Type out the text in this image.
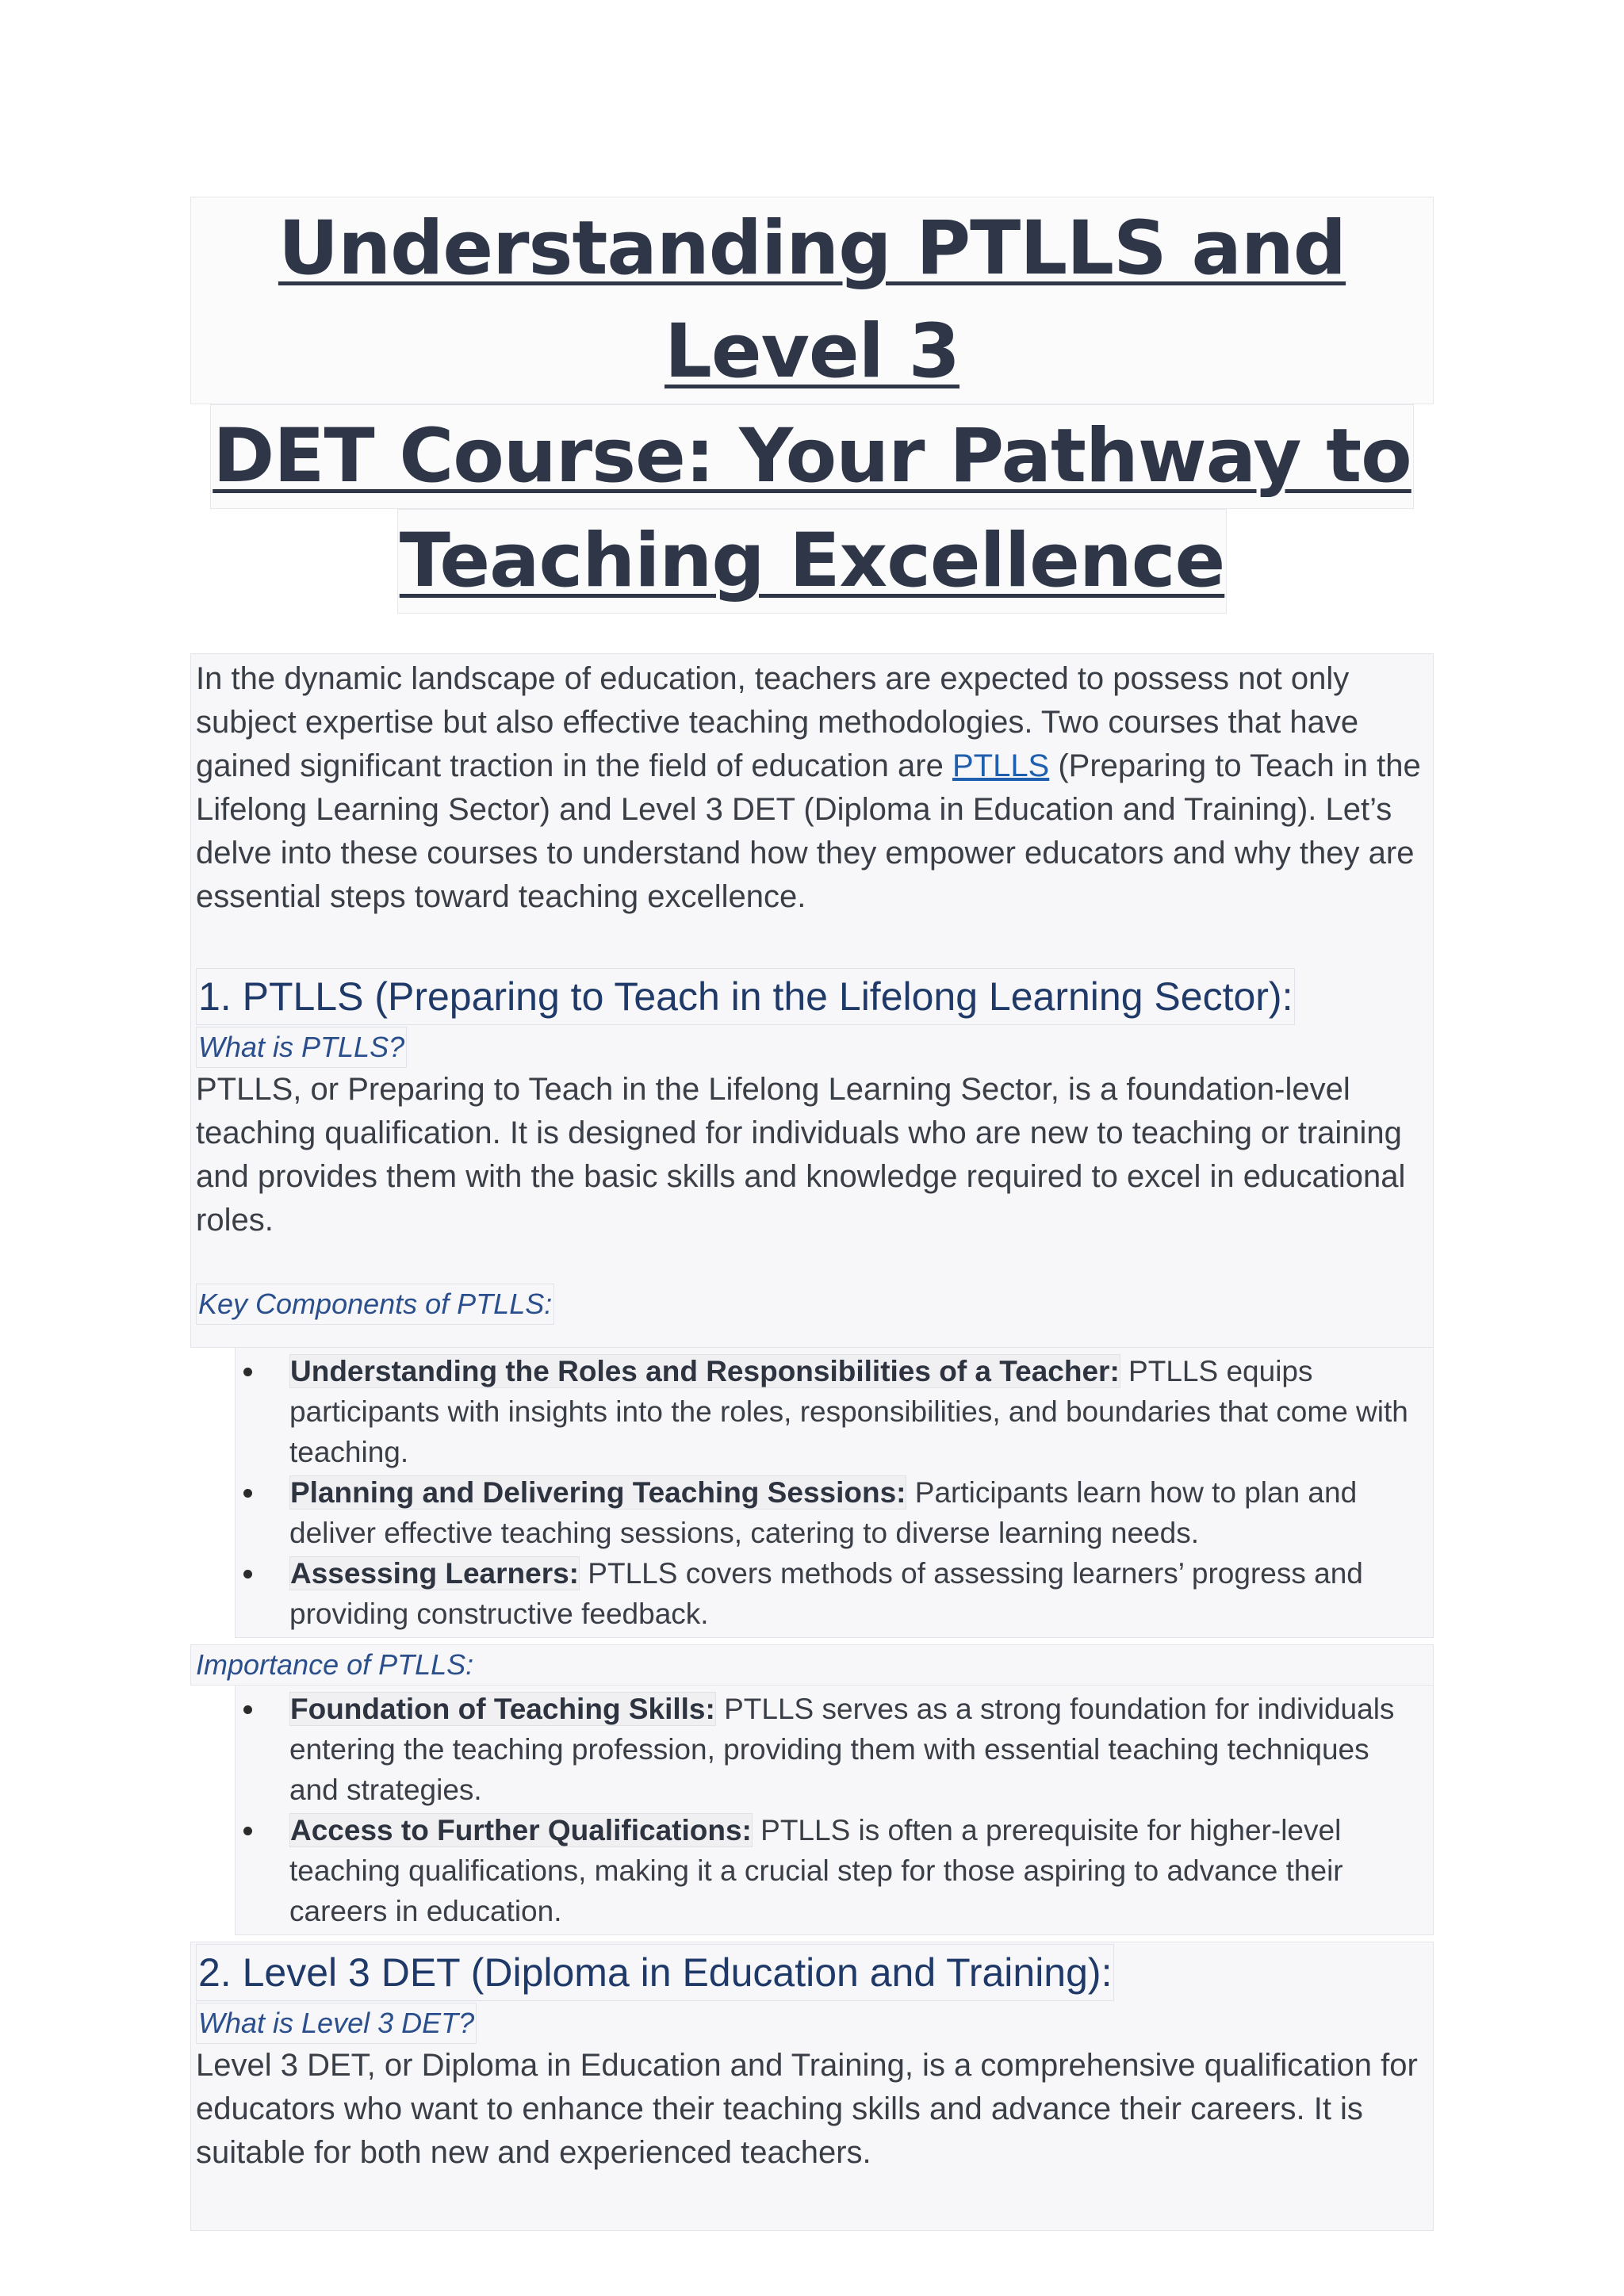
Understanding PTLLS and Level 3
DET Course: Your Pathway to
Teaching Excellence

In the dynamic landscape of education, teachers are expected to possess not only subject expertise but also effective teaching methodologies. Two courses that have gained significant traction in the field of education are PTLLS (Preparing to Teach in the Lifelong Learning Sector) and Level 3 DET (Diploma in Education and Training). Let’s delve into these courses to understand how they empower educators and why they are essential steps toward teaching excellence.

1. PTLLS (Preparing to Teach in the Lifelong Learning Sector):
What is PTLLS?

PTLLS, or Preparing to Teach in the Lifelong Learning Sector, is a foundation-level teaching qualification. It is designed for individuals who are new to teaching or training and provides them with the basic skills and knowledge required to excel in educational roles.

Key Components of PTLLS:
Understanding the Roles and Responsibilities of a Teacher: PTLLS equips participants with insights into the roles, responsibilities, and boundaries that come with teaching.
Planning and Delivering Teaching Sessions: Participants learn how to plan and deliver effective teaching sessions, catering to diverse learning needs.
Assessing Learners: PTLLS covers methods of assessing learners’ progress and providing constructive feedback.
Importance of PTLLS:
Foundation of Teaching Skills: PTLLS serves as a strong foundation for individuals entering the teaching profession, providing them with essential teaching techniques and strategies.
Access to Further Qualifications: PTLLS is often a prerequisite for higher-level teaching qualifications, making it a crucial step for those aspiring to advance their careers in education.
2. Level 3 DET (Diploma in Education and Training):
What is Level 3 DET?

Level 3 DET, or Diploma in Education and Training, is a comprehensive qualification for educators who want to enhance their teaching skills and advance their careers. It is suitable for both new and experienced teachers.
